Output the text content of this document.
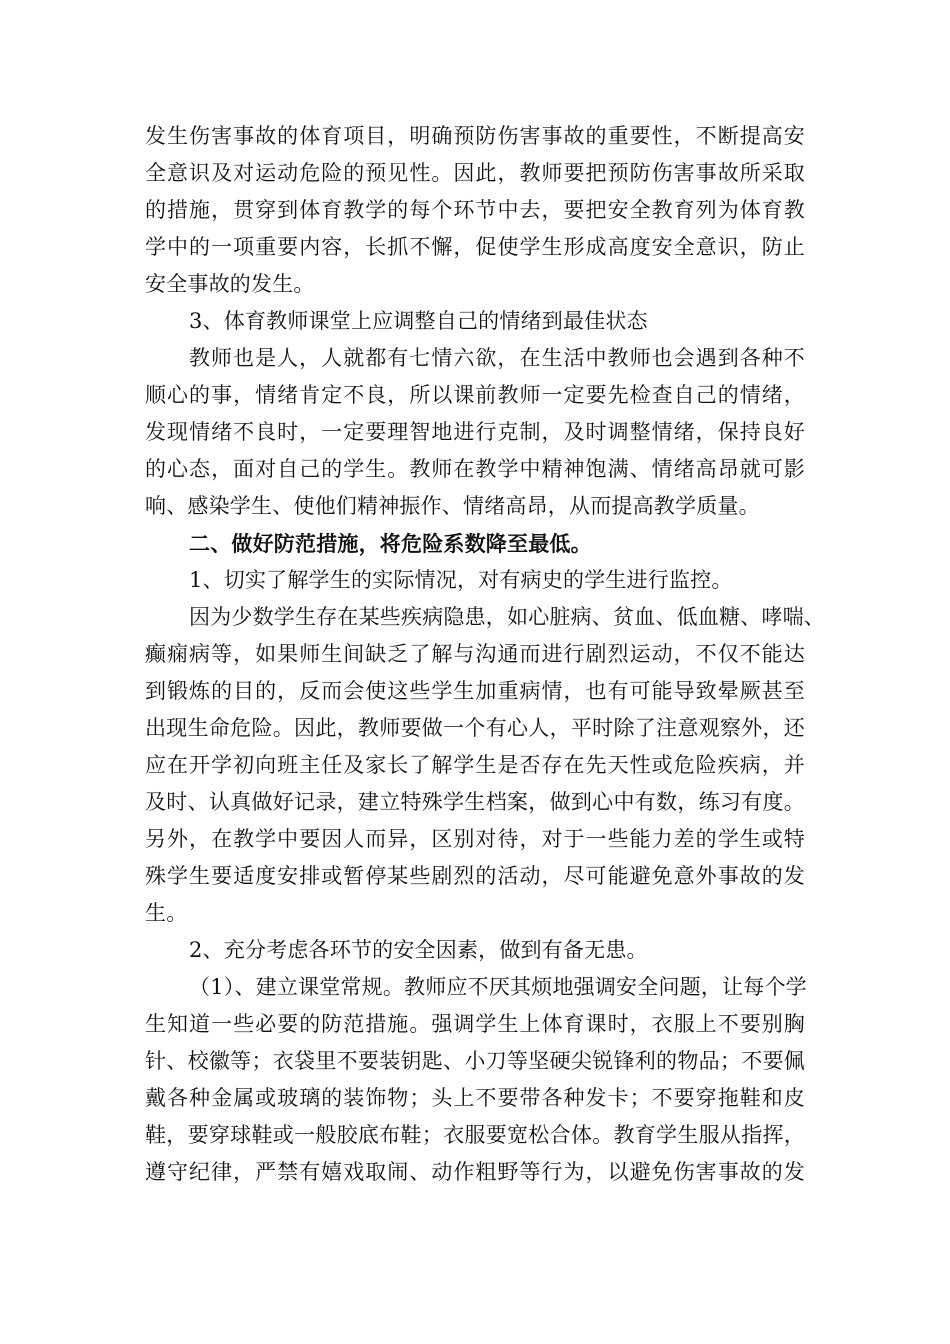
发生伤害事故的体育项目，明确预防伤害事故的重要性，不断提高安
全意识及对运动危险的预见性。因此，教师要把预防伤害事故所采取
的措施，贯穿到体育教学的每个环节中去，要把安全教育列为体育教
学中的一项重要内容，长抓不懈，促使学生形成高度安全意识，防止
安全事故的发生。
3、体育教师课堂上应调整自己的情绪到最佳状态
教师也是人，人就都有七情六欲，在生活中教师也会遇到各种不
顺心的事，情绪肯定不良，所以课前教师一定要先检查自己的情绪，
发现情绪不良时，一定要理智地进行克制，及时调整情绪，保持良好
的心态，面对自己的学生。教师在教学中精神饱满、情绪高昂就可影
响、感染学生、使他们精神振作、情绪高昂，从而提高教学质量。
二、做好防范措施，将危险系数降至最低。
1、切实了解学生的实际情况，对有病史的学生进行监控。
因为少数学生存在某些疾病隐患，如心脏病、贫血、低血糖、哮喘、
癫痫病等，如果师生间缺乏了解与沟通而进行剧烈运动，不仅不能达
到锻炼的目的，反而会使这些学生加重病情，也有可能导致晕厥甚至
出现生命危险。因此，教师要做一个有心人，平时除了注意观察外，还
应在开学初向班主任及家长了解学生是否存在先天性或危险疾病，并
及时、认真做好记录，建立特殊学生档案，做到心中有数，练习有度。
另外，在教学中要因人而异，区别对待，对于一些能力差的学生或特
殊学生要适度安排或暂停某些剧烈的活动，尽可能避免意外事故的发
生。
2、充分考虑各环节的安全因素，做到有备无患。
（1）、建立课堂常规。教师应不厌其烦地强调安全问题，让每个学
生知道一些必要的防范措施。强调学生上体育课时，衣服上不要别胸
针、校徽等；衣袋里不要装钥匙、小刀等坚硬尖锐锋利的物品；不要佩
戴各种金属或玻璃的装饰物；头上不要带各种发卡；不要穿拖鞋和皮
鞋，要穿球鞋或一般胶底布鞋；衣服要宽松合体。教育学生服从指挥，
遵守纪律，严禁有嬉戏取闹、动作粗野等行为，以避免伤害事故的发
